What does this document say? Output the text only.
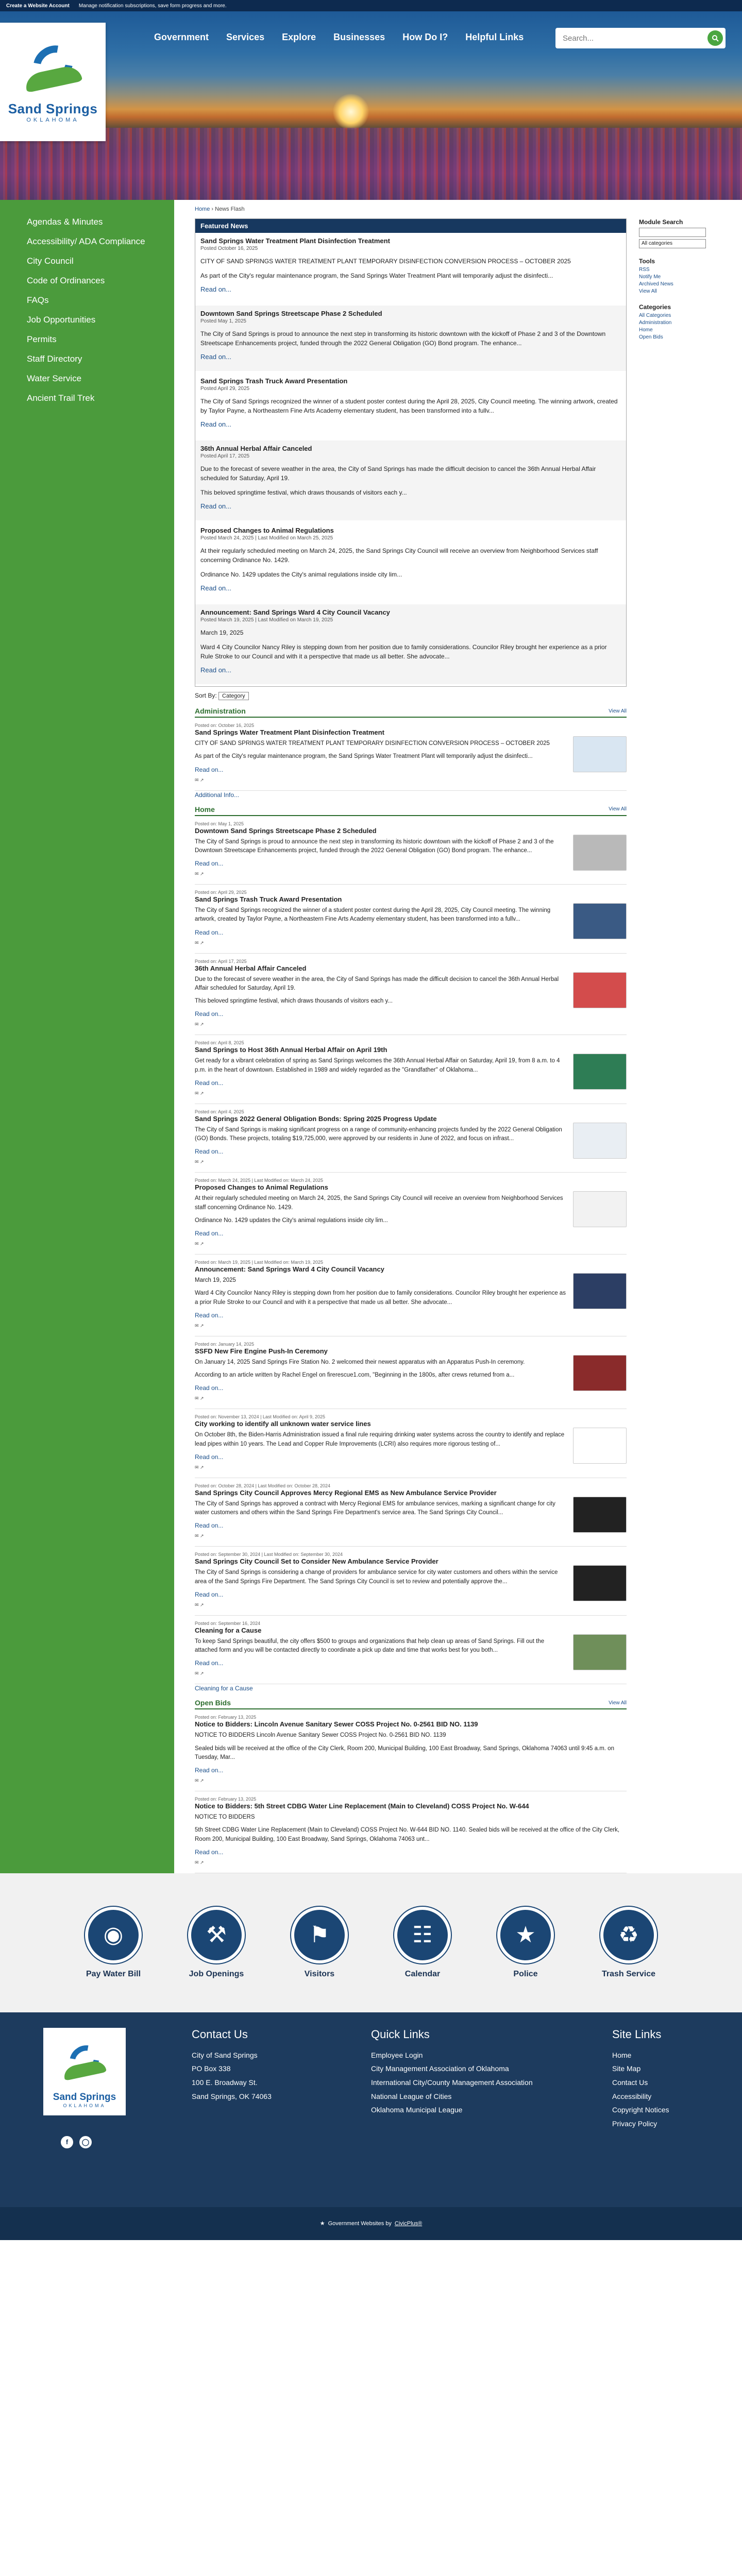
Create a Website Account Manage notification subscriptions, save form progress and more.
Sand Springs
OKLAHOMA
Government	Services	Explore	Businesses	How Do I?	Helpful Links	Search...
Agendas & Minutes
Accessibility/ ADA Compliance
City Council
Code of Ordinances
FAQs
Job Opportunities
Permits
Staff Directory
Water Service
Ancient Trail Trek
Home › News Flash
Featured News
Sand Springs Water Treatment Plant Disinfection Treatment
Posted October 16, 2025

CITY OF SAND SPRINGS WATER TREATMENT PLANT TEMPORARY DISINFECTION CONVERSION PROCESS – OCTOBER 2025

As part of the City's regular maintenance program, the Sand Springs Water Treatment Plant will temporarily adjust the disinfecti...

Read on...
Downtown Sand Springs Streetscape Phase 2 Scheduled
Posted May 1, 2025

The City of Sand Springs is proud to announce the next step in transforming its historic downtown with the kickoff of Phase 2 and 3 of the Downtown Streetscape Enhancements project, funded through the 2022 General Obligation (GO) Bond program. The enhance...

Read on...
Sand Springs Trash Truck Award Presentation
Posted April 29, 2025

The City of Sand Springs recognized the winner of a student poster contest during the April 28, 2025, City Council meeting. The winning artwork, created by Taylor Payne, a Northeastern Fine Arts Academy elementary student, has been transformed into a fullv...

Read on...
36th Annual Herbal Affair Canceled
Posted April 17, 2025

Due to the forecast of severe weather in the area, the City of Sand Springs has made the difficult decision to cancel the 36th Annual Herbal Affair scheduled for Saturday, April 19.

This beloved springtime festival, which draws thousands of visitors each y...

Read on...
Proposed Changes to Animal Regulations
Posted March 24, 2025 | Last Modified on March 25, 2025

At their regularly scheduled meeting on March 24, 2025, the Sand Springs City Council will receive an overview from Neighborhood Services staff concerning Ordinance No. 1429.

Ordinance No. 1429 updates the City's animal regulations inside city lim...

Read on...
Announcement: Sand Springs Ward 4 City Council Vacancy
Posted March 19, 2025 | Last Modified on March 19, 2025

March 19, 2025

Ward 4 City Councilor Nancy Riley is stepping down from her position due to family considerations. Councilor Riley brought her experience as a prior Rule Stroke to our Council and with it a perspective that made us all better. She advocate...

Read on...
Sort By: Category
Administration	View All
Posted on: October 16, 2025
Sand Springs Water Treatment Plant Disinfection Treatment

CITY OF SAND SPRINGS WATER TREATMENT PLANT TEMPORARY DISINFECTION CONVERSION PROCESS – OCTOBER 2025

As part of the City's regular maintenance program, the Sand Springs Water Treatment Plant will temporarily adjust the disinfecti...

Read on...
✉ ↗
Additional Info...
Home	View All
Posted on: May 1, 2025
Downtown Sand Springs Streetscape Phase 2 Scheduled

The City of Sand Springs is proud to announce the next step in transforming its historic downtown with the kickoff of Phase 2 and 3 of the Downtown Streetscape Enhancements project, funded through the 2022 General Obligation (GO) Bond program. The enhance...

Read on...
✉ ↗
Posted on: April 29, 2025
Sand Springs Trash Truck Award Presentation

The City of Sand Springs recognized the winner of a student poster contest during the April 28, 2025, City Council meeting. The winning artwork, created by Taylor Payne, a Northeastern Fine Arts Academy elementary student, has been transformed into a fullv...

Read on...
✉ ↗
Posted on: April 17, 2025
36th Annual Herbal Affair Canceled

Due to the forecast of severe weather in the area, the City of Sand Springs has made the difficult decision to cancel the 36th Annual Herbal Affair scheduled for Saturday, April 19.

This beloved springtime festival, which draws thousands of visitors each y...

Read on...
✉ ↗
Posted on: April 8, 2025
Sand Springs to Host 36th Annual Herbal Affair on April 19th

Get ready for a vibrant celebration of spring as Sand Springs welcomes the 36th Annual Herbal Affair on Saturday, April 19, from 8 a.m. to 4 p.m. in the heart of downtown. Established in 1989 and widely regarded as the "Grandfather" of Oklahoma...

Read on...
✉ ↗
Posted on: April 4, 2025
Sand Springs 2022 General Obligation Bonds: Spring 2025 Progress Update

The City of Sand Springs is making significant progress on a range of community-enhancing projects funded by the 2022 General Obligation (GO) Bonds. These projects, totaling $19,725,000, were approved by our residents in June of 2022, and focus on infrast...

Read on...
✉ ↗
Posted on: March 24, 2025 | Last Modified on: March 24, 2025
Proposed Changes to Animal Regulations

At their regularly scheduled meeting on March 24, 2025, the Sand Springs City Council will receive an overview from Neighborhood Services staff concerning Ordinance No. 1429.

Ordinance No. 1429 updates the City's animal regulations inside city lim...

Read on...
✉ ↗
Posted on: March 19, 2025 | Last Modified on: March 19, 2025
Announcement: Sand Springs Ward 4 City Council Vacancy

March 19, 2025

Ward 4 City Councilor Nancy Riley is stepping down from her position due to family considerations. Councilor Riley brought her experience as a prior Rule Stroke to our Council and with it a perspective that made us all better. She advocate...

Read on...
✉ ↗
Posted on: January 14, 2025
SSFD New Fire Engine Push-In Ceremony

On January 14, 2025 Sand Springs Fire Station No. 2 welcomed their newest apparatus with an Apparatus Push-In ceremony.

According to an article written by Rachel Engel on firerescue1.com, "Beginning in the 1800s, after crews returned from a...

Read on...
✉ ↗
Posted on: November 13, 2024 | Last Modified on: April 9, 2025
City working to identify all unknown water service lines

On October 8th, the Biden-Harris Administration issued a final rule requiring drinking water systems across the country to identify and replace lead pipes within 10 years. The Lead and Copper Rule Improvements (LCRI) also requires more rigorous testing of...

Read on...
✉ ↗
Posted on: October 28, 2024 | Last Modified on: October 28, 2024
Sand Springs City Council Approves Mercy Regional EMS as New Ambulance Service Provider

The City of Sand Springs has approved a contract with Mercy Regional EMS for ambulance services, marking a significant change for city water customers and others within the Sand Springs Fire Department's service area. The Sand Springs City Council...

Read on...
✉ ↗
Posted on: September 30, 2024 | Last Modified on: September 30, 2024
Sand Springs City Council Set to Consider New Ambulance Service Provider

The City of Sand Springs is considering a change of providers for ambulance service for city water customers and others within the service area of the Sand Springs Fire Department. The Sand Springs City Council is set to review and potentially approve the...

Read on...
✉ ↗
Posted on: September 16, 2024
Cleaning for a Cause

To keep Sand Springs beautiful, the city offers $500 to groups and organizations that help clean up areas of Sand Springs. Fill out the attached form and you will be contacted directly to coordinate a pick up date and time that works best for you both...

Read on...
✉ ↗
Cleaning for a Cause
Open Bids	View All
Posted on: February 13, 2025
Notice to Bidders: Lincoln Avenue Sanitary Sewer COSS Project No. 0-2561 BID NO. 1139

NOTICE TO BIDDERS Lincoln Avenue Sanitary Sewer COSS Project No. 0-2561 BID NO. 1139

Sealed bids will be received at the office of the City Clerk, Room 200, Municipal Building, 100 East Broadway, Sand Springs, Oklahoma 74063 until 9:45 a.m. on Tuesday, Mar...

Read on...
✉ ↗
Posted on: February 13, 2025
Notice to Bidders: 5th Street CDBG Water Line Replacement (Main to Cleveland) COSS Project No. W-644

NOTICE TO BIDDERS

5th Street CDBG Water Line Replacement (Main to Cleveland) COSS Project No. W-644 BID NO. 1140. Sealed bids will be received at the office of the City Clerk, Room 200, Municipal Building, 100 East Broadway, Sand Springs, Oklahoma 74063 unt...

Read on...
✉ ↗
Module Search
All categories
Tools
RSS
Notify Me
Archived News
View All
Categories
All Categories
Administration
Home
Open Bids
◉
Pay Water Bill
⚒
Job Openings
⚑
Visitors
☷
Calendar
★
Police
♻
Trash Service
Sand Springs
OKLAHOMA
f	◯
Contact Us
City of Sand Springs
PO Box 338
100 E. Broadway St.
Sand Springs, OK 74063
Quick Links
Employee Login
City Management Association of Oklahoma
International City/County Management Association
National League of Cities
Oklahoma Municipal League
Site Links
Home
Site Map
Contact Us
Accessibility
Copyright Notices
Privacy Policy
★ Government Websites by CivicPlus®
